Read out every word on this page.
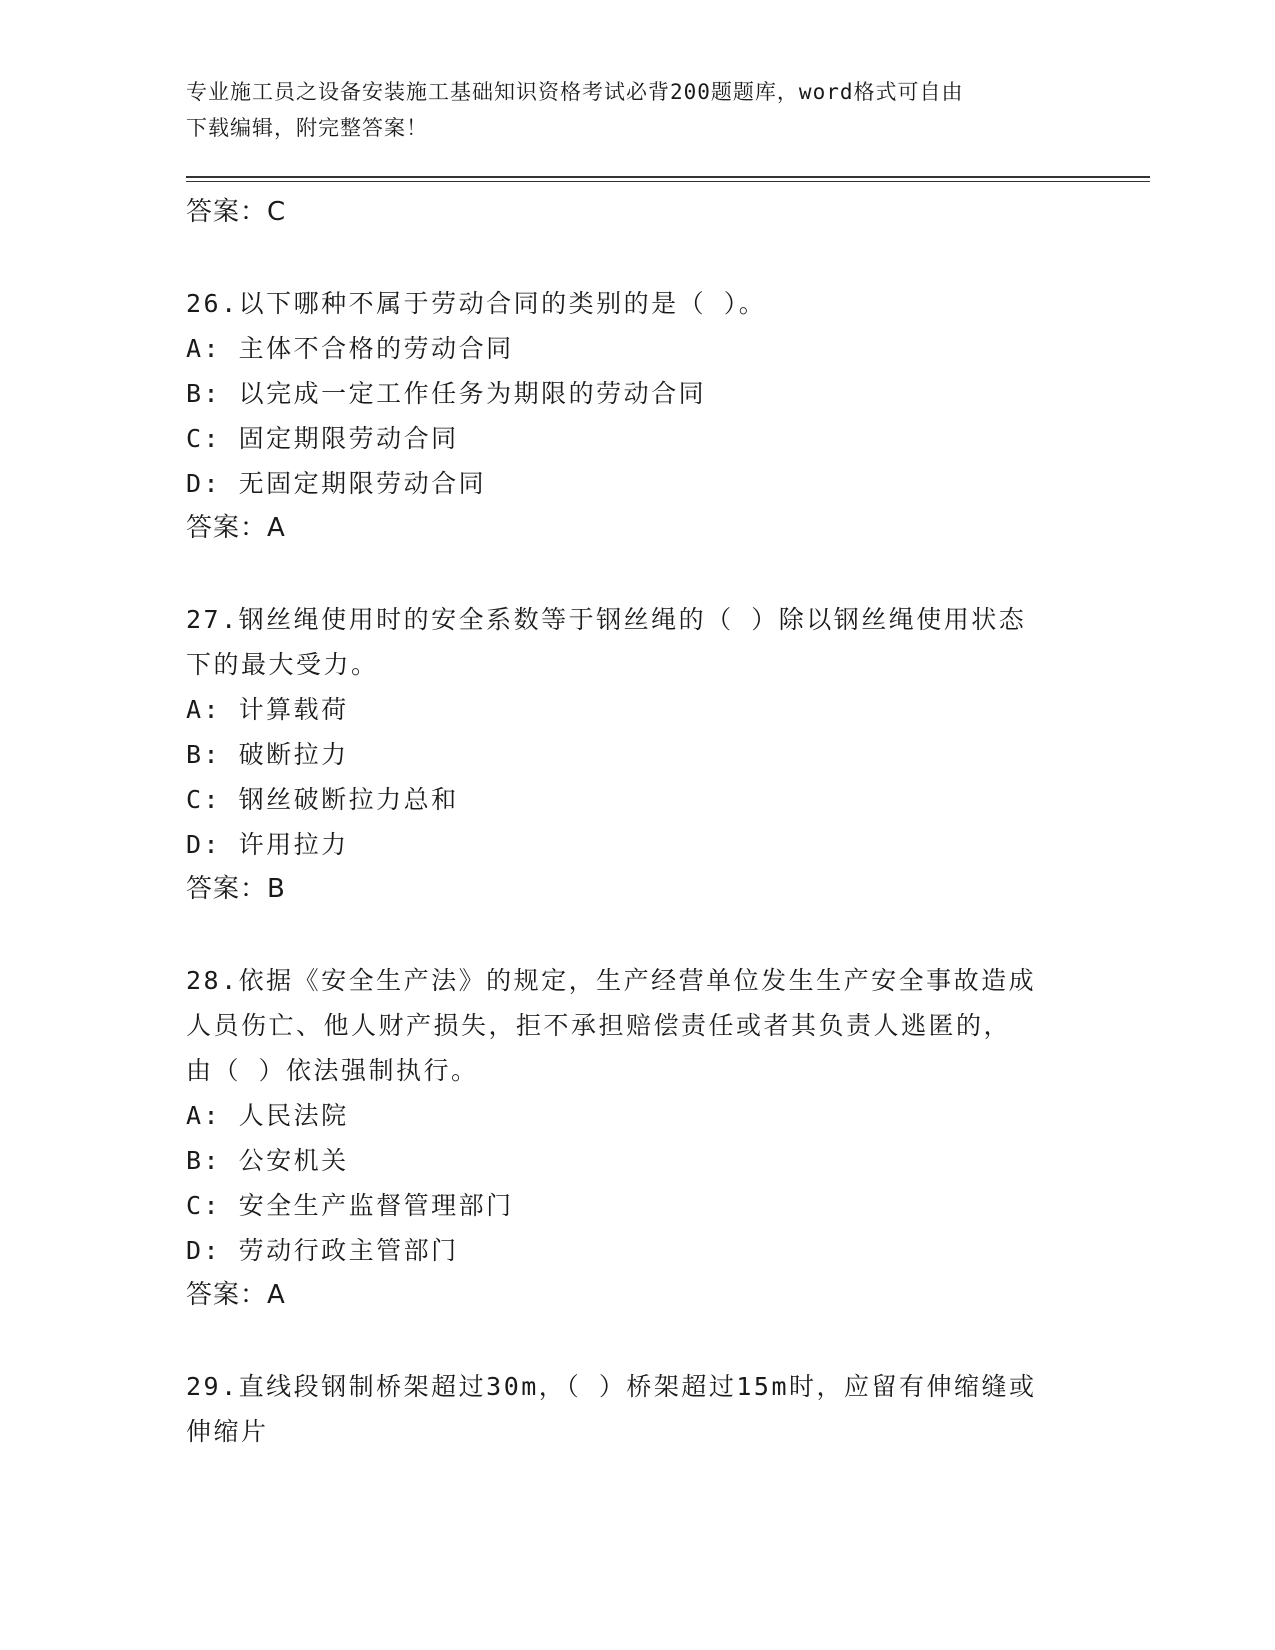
专业施工员之设备安装施工基础知识资格考试必背200题题库，word格式可自由
下载编辑，附完整答案！
答案：C
26.以下哪种不属于劳动合同的类别的是（ ）。
A: 主体不合格的劳动合同
B: 以完成一定工作任务为期限的劳动合同
C: 固定期限劳动合同
D: 无固定期限劳动合同
答案：A
27.钢丝绳使用时的安全系数等于钢丝绳的（ ）除以钢丝绳使用状态
下的最大受力。
A: 计算载荷
B: 破断拉力
C: 钢丝破断拉力总和
D: 许用拉力
答案：B
28.依据《安全生产法》的规定，生产经营单位发生生产安全事故造成
人员伤亡、他人财产损失，拒不承担赔偿责任或者其负责人逃匿的，
由（ ）依法强制执行。
A: 人民法院
B: 公安机关
C: 安全生产监督管理部门
D: 劳动行政主管部门
答案：A
29.直线段钢制桥架超过30m，（ ）桥架超过15m时，应留有伸缩缝或
伸缩片
